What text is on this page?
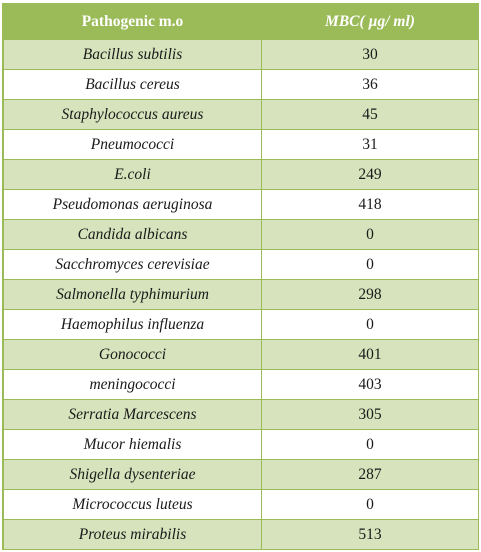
Pathogenic m.o	MBC( µg/ ml)
Bacillus subtilis	30
Bacillus cereus	36
Staphylococcus aureus	45
Pneumococci	31
E.coli	249
Pseudomonas aeruginosa	418
Candida albicans	0
Sacchromyces cerevisiae	0
Salmonella typhimurium	298
Haemophilus influenza	0
Gonococci	401
meningococci	403
Serratia Marcescens	305
Mucor hiemalis	0
Shigella dysenteriae	287
Micrococcus luteus	0
Proteus mirabilis	513
